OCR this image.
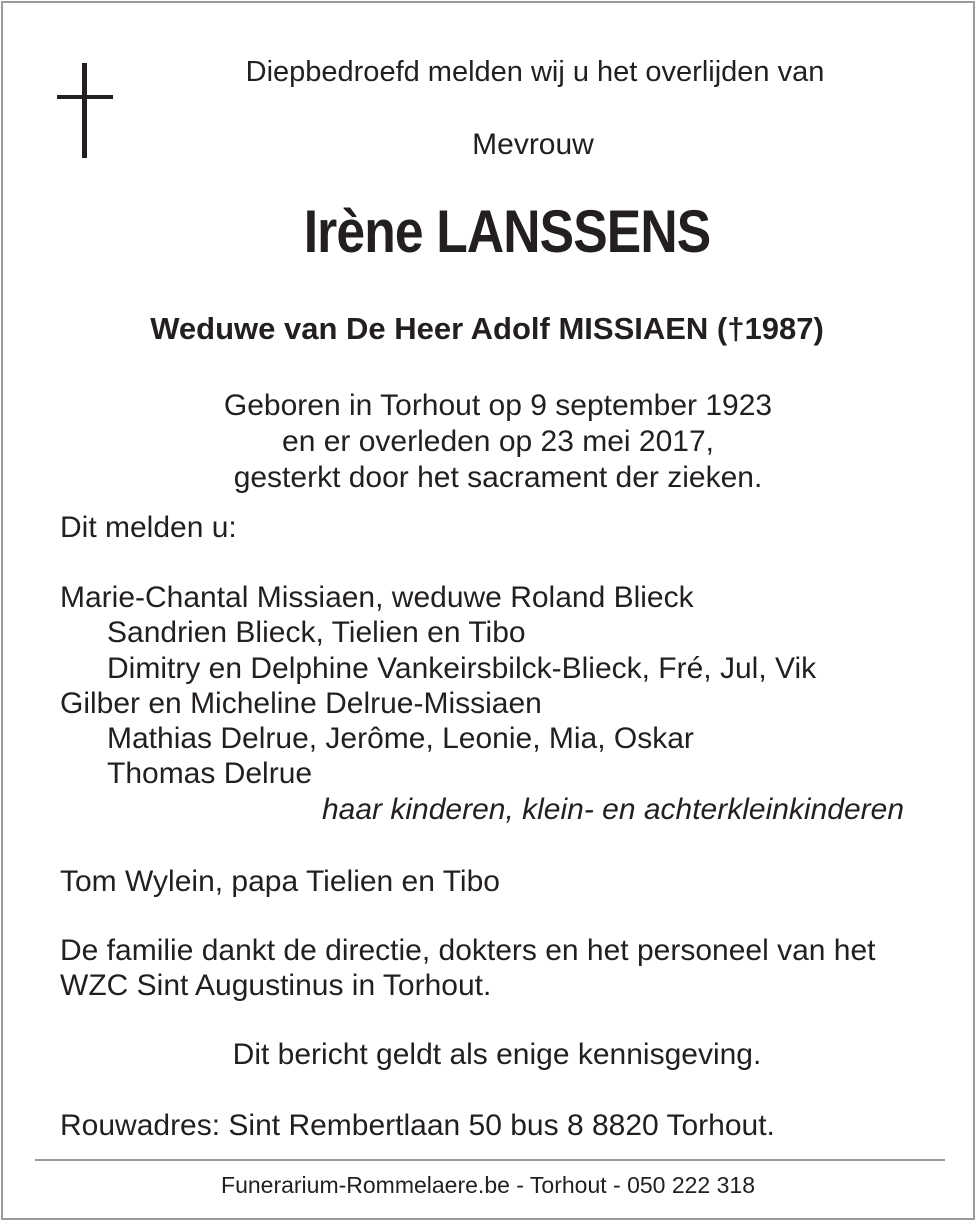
Diepbedroefd melden wij u het overlijden van
Mevrouw
Irène LANSSENS
Weduwe van De Heer Adolf MISSIAEN (†1987)
Geboren in Torhout op 9 september 1923
en er overleden op 23 mei 2017,
gesterkt door het sacrament der zieken.
Dit melden u:
Marie-Chantal Missiaen, weduwe Roland Blieck
Sandrien Blieck, Tielien en Tibo
Dimitry en Delphine Vankeirsbilck-Blieck, Fré, Jul, Vik
Gilber en Micheline Delrue-Missiaen
Mathias Delrue, Jerôme, Leonie, Mia, Oskar
Thomas Delrue
haar kinderen, klein- en achterkleinkinderen
Tom Wylein, papa Tielien en Tibo
De familie dankt de directie, dokters en het personeel van het
WZC Sint Augustinus in Torhout.
Dit bericht geldt als enige kennisgeving.
Rouwadres: Sint Rembertlaan 50 bus 8 8820 Torhout.
Funerarium-Rommelaere.be - Torhout - 050 222 318
